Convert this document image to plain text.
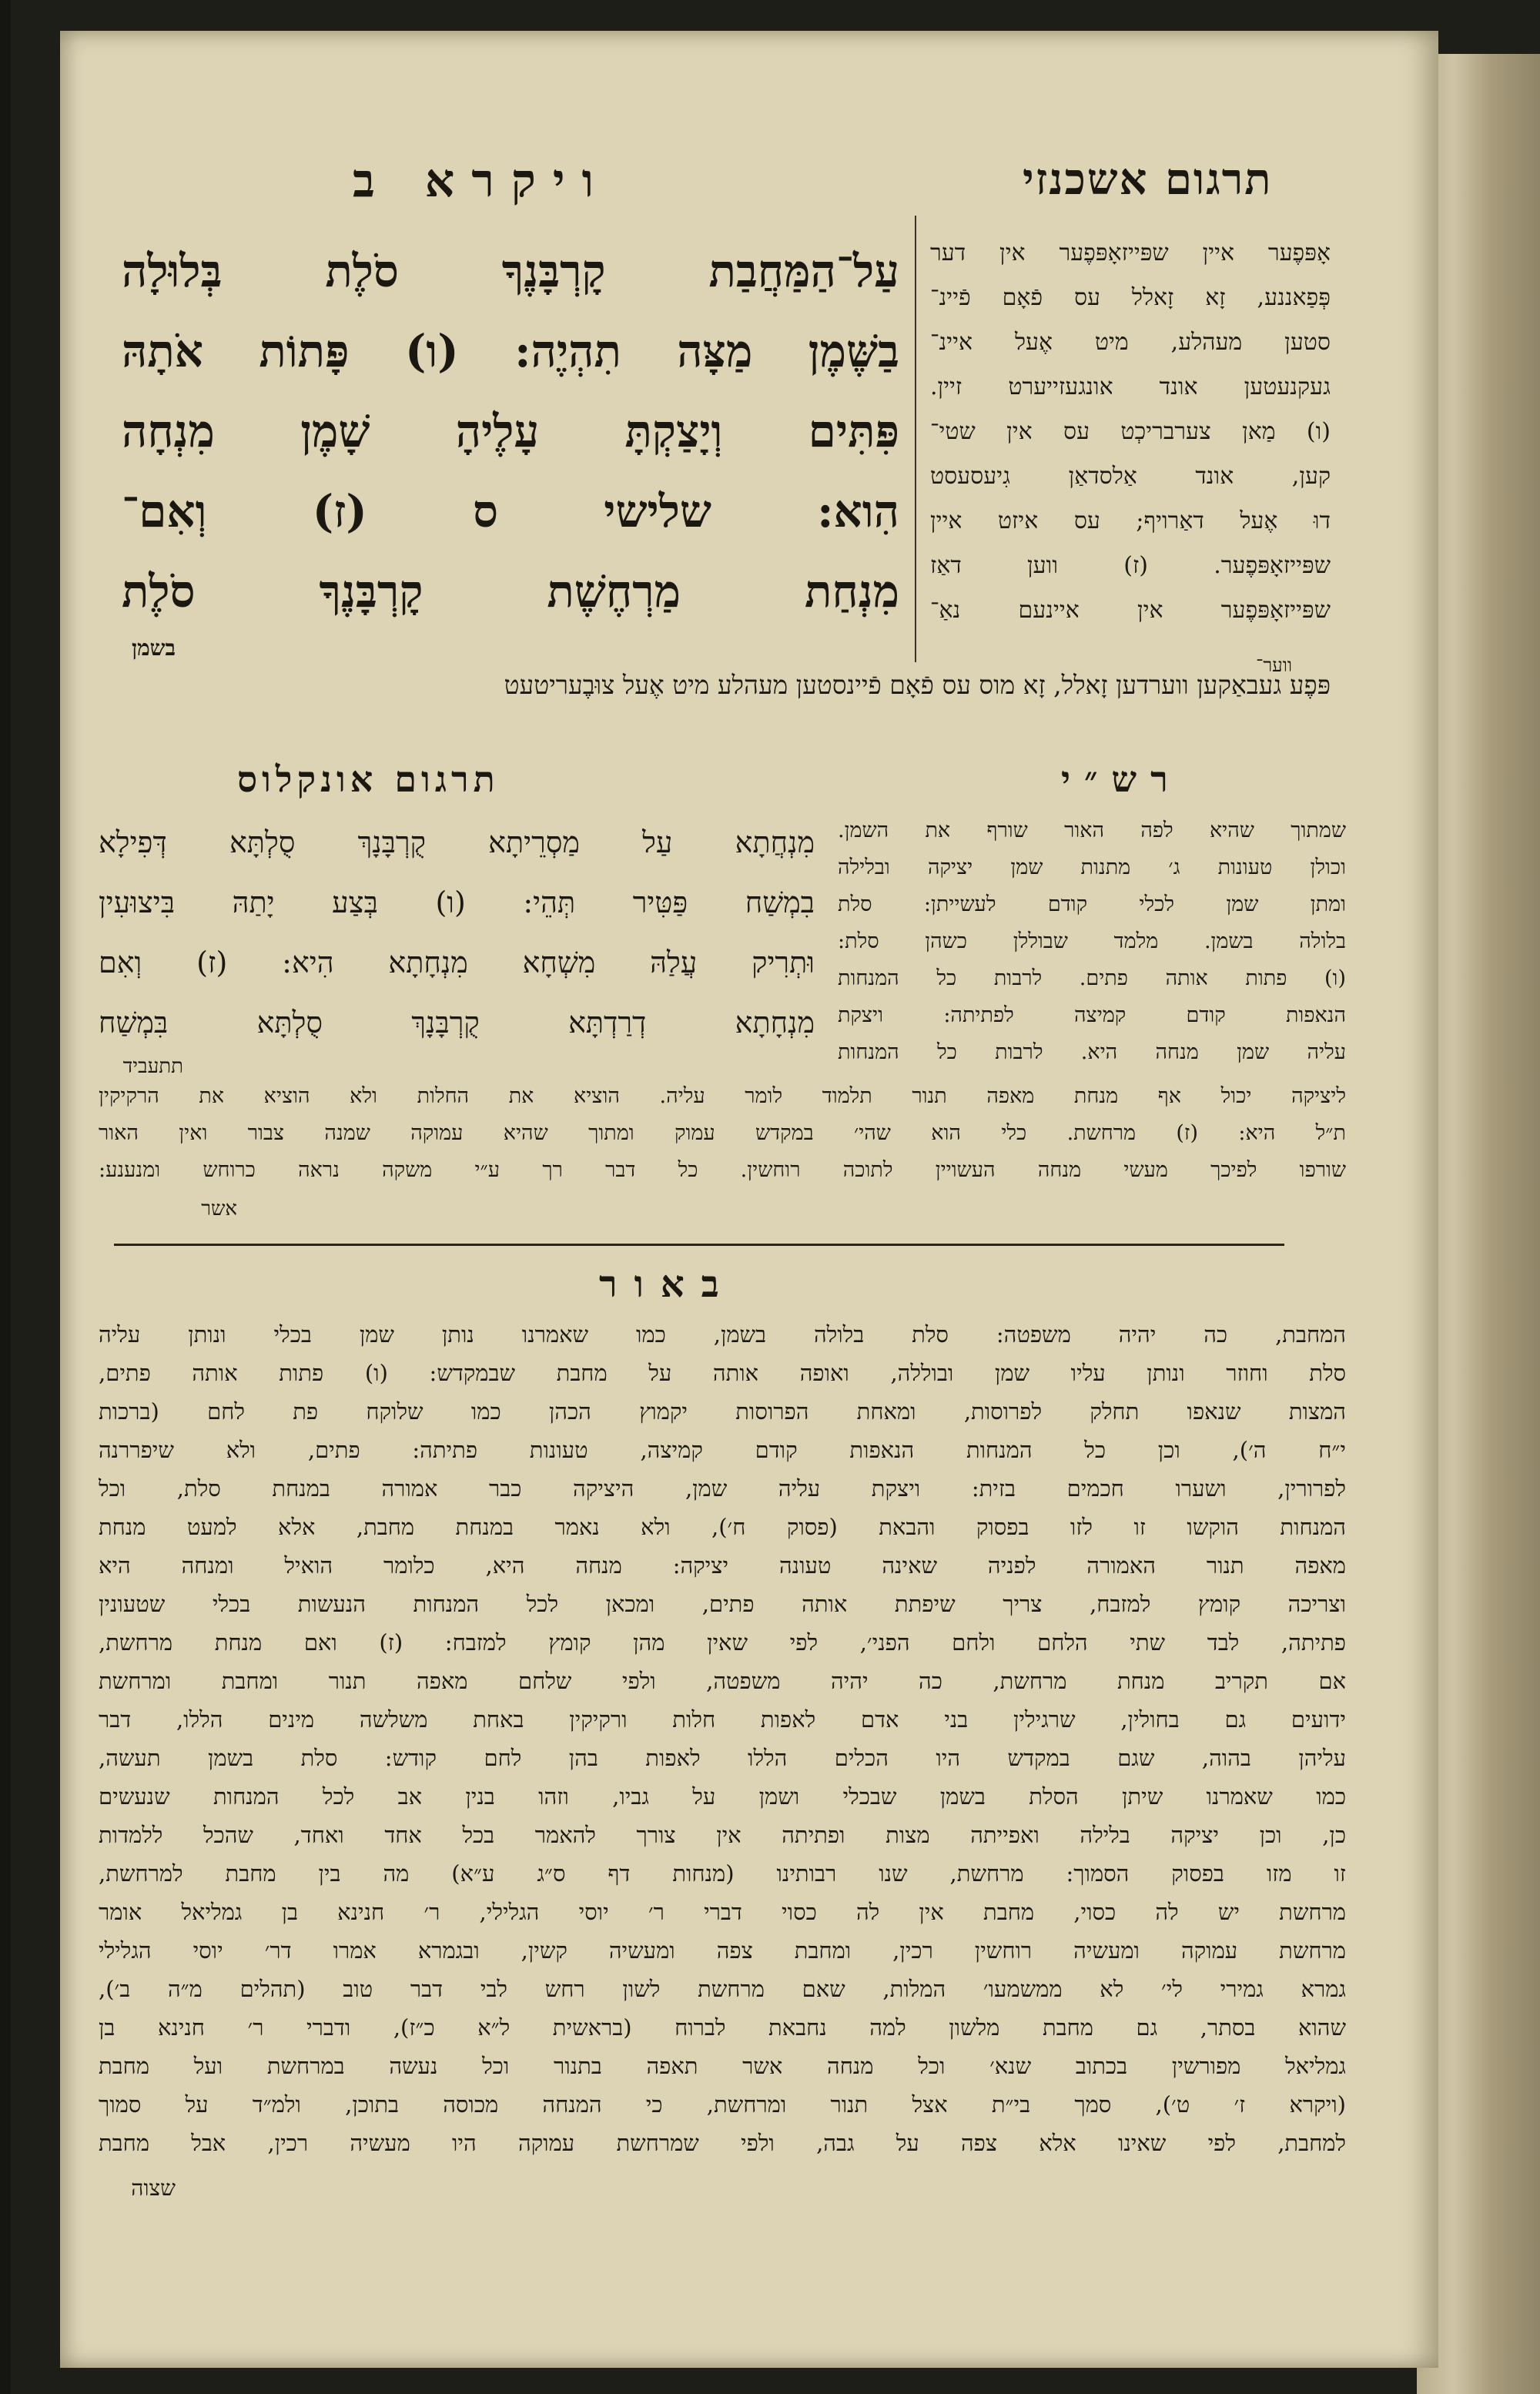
תרגום אשכנזי
ויקרא ב
עַל־הַמַּחֲבַת קָרְבָּנֶךָ סֹלֶת בְּלוּלָה
בַשֶּׁמֶן מַצָּה תִהְיֶה: (ו) פָּתוֹת אֹתָהּ
פִּתִּים וְיָצַקְתָּ עָלֶיהָ שָׁמֶן מִנְחָה
הִוא: שלישי ס (ז) וְאִם־
מִנְחַת מַרְחֶשֶׁת קָרְבָּנֶךָ סֹלֶת
אָפּפֶער איין שפּייזאָפּפֶער אין דער
פְּפַאננע, זָא זָאלל עס פֿאָם פֿיינ־
סטען מעהלע, מיט אֶעל איינ־
געקנעטען אונד אונגעזייערט זיין.
(ו) מַאן צערבריכְט עס אין שטי־
קען, אונד אַלסדאַן גִיעסעסט
דוּ אֶעל דאַרויף; עס איזט איין
שפּייזאָפּפֶער. (ז) ווען דאַז
שפּייזאָפּפֶער אין איינעם נאַ־
פּפֶע געבאַקען ווערדען זָאלל, זָא מוס עס פֿאָם פֿיינסטען מעהלע מיט אֶעל צוּבֶעריטעט
ווער־
בשמן
רש״י
תרגום אונקלוס
מִנְחֲתָא עַל מַסְרֵיתָא קֻרְבָּנָךְ סֻלְתָּא דְּפִילָא
בִמְשַׁח פַּטִּיר תְּהֵי: (ו) בְּצַע יָתַהּ בִּיצוּעִין
וּתְרִיק עֲלַהּ מִשְׁחָא מִנְחָתָא הִיא: (ז) וְאִם
מִנְחָתָא דְרַדְתָּא קֻרְבָּנָךְ סֻלְתָּא בִּמְשַׁח
תתעביד
שמתוך שהיא לפה האור שורף את השמן.
וכולן טעונות ג׳ מתנות שמן יציקה ובלילה
ומתן שמן לכלי קודם לעשייתן: סלת
בלולה בשמן. מלמד שבוללן כשהן סלת:
(ו) פתות אותה פתים. לרבות כל המנחות
הנאפות קודם קמיצה לפתיתה: ויצקת
עליה שמן מנחה היא. לרבות כל המנחות
ליציקה יכול אף מנחת מאפה תנור תלמוד לומר עליה. הוציא את החלות ולא הוציא את הרקיקין
ת״ל היא: (ז) מרחשת. כלי הוא שהי׳ במקדש עמוק ומתוך שהיא עמוקה שמנה צבור ואין האור
שורפו לפיכך מעשי מנחה העשויין לתוכה רוחשין. כל דבר רך ע״י משקה נראה כרוחש ומנענע:
אשר
באור
המחבת, כה יהיה משפטה: סלת בלולה בשמן, כמו שאמרנו נותן שמן בכלי ונותן עליה
סלת וחוזר ונותן עליו שמן ובוללה, ואופה אותה על מחבת שבמקדש: (ו) פתות אותה פתים,
המצות שנאפו תחלק לפרוסות, ומאחת הפרוסות יקמוץ הכהן כמו שלוקח פת לחם (ברכות
י״ח ה׳), וכן כל המנחות הנאפות קודם קמיצה, טעונות פתיתה: פתים, ולא שיפררנה
לפרורין, ושערו חכמים בזית: ויצקת עליה שמן, היציקה כבר אמורה במנחת סלת, וכל
המנחות הוקשו זו לזו בפסוק והבאת (פסוק ח׳), ולא נאמר במנחת מחבת, אלא למעט מנחת
מאפה תנור האמורה לפניה שאינה טעונה יציקה: מנחה היא, כלומר הואיל ומנחה היא
וצריכה קומץ למזבח, צריך שיפתת אותה פתים, ומכאן לכל המנחות הנעשות בכלי שטעונין
פתיתה, לבד שתי הלחם ולחם הפני׳, לפי שאין מהן קומץ למזבח: (ז) ואם מנחת מרחשת,
אם תקריב מנחת מרחשת, כה יהיה משפטה, ולפי שלחם מאפה תנור ומחבת ומרחשת
ידועים גם בחולין, שרגילין בני אדם לאפות חלות ורקיקין באחת משלשה מינים הללו, דבר
עליהן בהוה, שגם במקדש היו הכלים הללו לאפות בהן לחם קודש: סלת בשמן תעשה,
כמו שאמרנו שיתן הסלת בשמן שבכלי ושמן על גביו, וזהו בנין אב לכל המנחות שנעשים
כן, וכן יציקה בלילה ואפייתה מצות ופתיתה אין צורך להאמר בכל אחד ואחד, שהכל ללמדות
זו מזו בפסוק הסמוך: מרחשת, שנו רבותינו (מנחות דף ס״ג ע״א) מה בין מחבת למרחשת,
מרחשת יש לה כסוי, מחבת אין לה כסוי דברי ר׳ יוסי הגלילי, ר׳ חנינא בן גמליאל אומר
מרחשת עמוקה ומעשיה רוחשין רכין, ומחבת צפה ומעשיה קשין, ובגמרא אמרו דר׳ יוסי הגלילי
גמרא גמירי לי׳ לא ממשמעו׳ המלות, שאם מרחשת לשון רחש לבי דבר טוב (תהלים מ״ה ב׳),
שהוא בסתר, גם מחבת מלשון למה נחבאת לברוח (בראשית ל״א כ״ז), ודברי ר׳ חנינא בן
גמליאל מפורשין בכתוב שנא׳ וכל מנחה אשר תאפה בתנור וכל נעשה במרחשת ועל מחבת
(ויקרא ז׳ ט׳), סמך בי״ת אצל תנור ומרחשת, כי המנחה מכוסה בתוכן, ולמ״ד על סמוך
למחבת, לפי שאינו אלא צפה על גבה, ולפי שמרחשת עמוקה היו מעשיה רכין, אבל מחבת
שצוה
